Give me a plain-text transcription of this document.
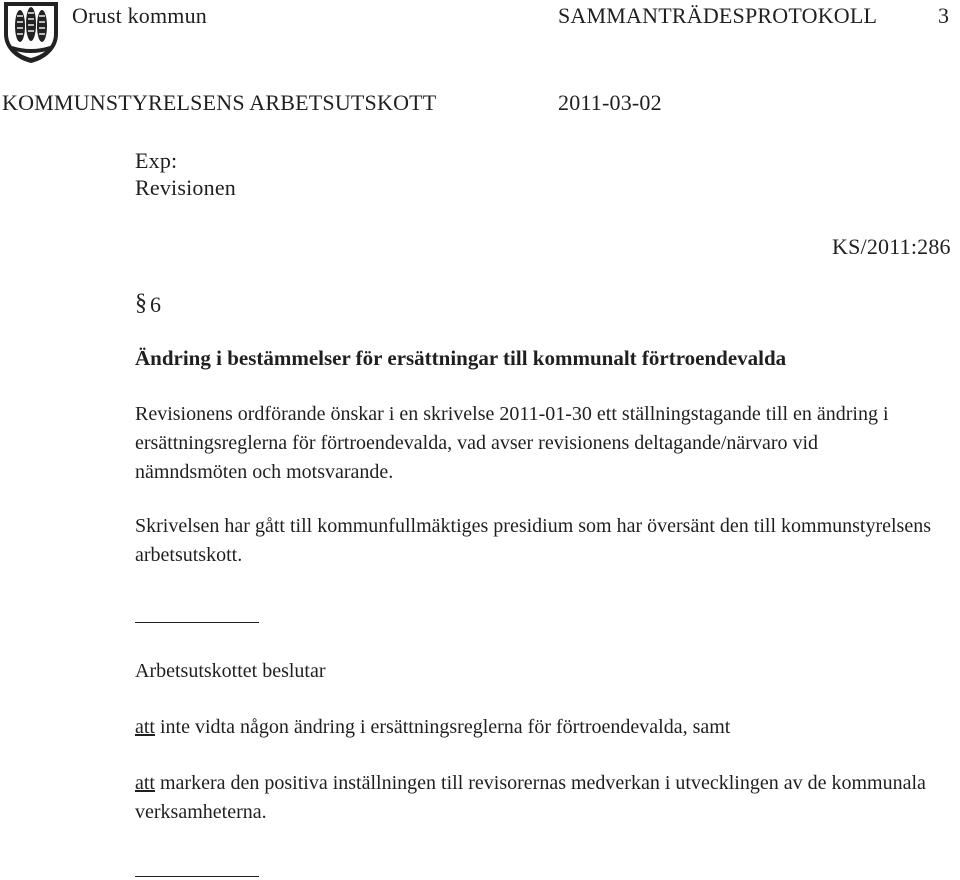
Orust kommun	SAMMANTRÄDESPROTOKOLL	3
KOMMUNSTYRELSENS ARBETSUTSKOTT	2011-03-02
Exp:
Revisionen
KS/2011:286
§ 6
Ändring i bestämmelser för ersättningar till kommunalt förtroendevalda
Revisionens ordförande önskar i en skrivelse 2011-01-30 ett ställningstagande till en ändring i ersättningsreglerna för förtroendevalda, vad avser revisionens deltagande/närvaro vid nämndsmöten och motsvarande.
Skrivelsen har gått till kommunfullmäktiges presidium som har översänt den till kommunstyrelsens arbetsutskott.
Arbetsutskottet beslutar
att inte vidta någon ändring i ersättningsreglerna för förtroendevalda, samt
att markera den positiva inställningen till revisorernas medverkan i utvecklingen av de kommunala verksamheterna.
